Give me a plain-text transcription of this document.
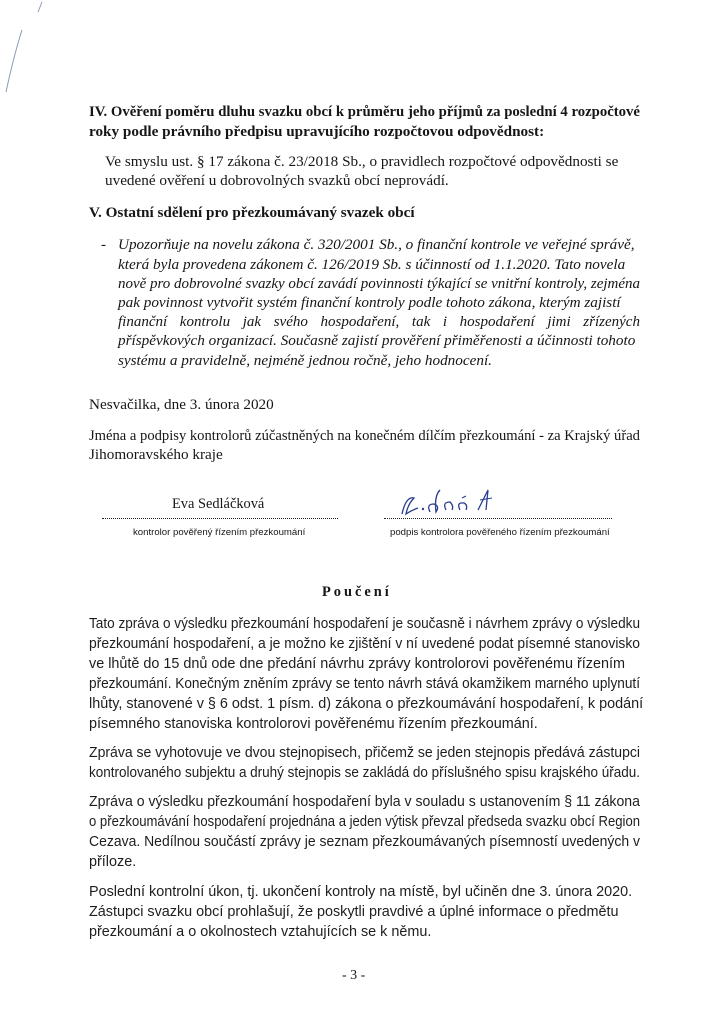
IV. Ověření poměru dluhu svazku obcí k průměru jeho příjmů za poslední 4 rozpočtové
roky podle právního předpisu upravujícího rozpočtovou odpovědnost:
Ve smyslu ust. § 17 zákona č. 23/2018 Sb., o pravidlech rozpočtové odpovědnosti se
uvedené ověření u dobrovolných svazků obcí neprovádí.
V. Ostatní sdělení pro přezkoumávaný svazek obcí
- Upozorňuje na novelu zákona č. 320/2001 Sb., o finanční kontrole ve veřejné správě,
která byla provedena zákonem č. 126/2019 Sb. s účinností od 1.1.2020. Tato novela
nově pro dobrovolné svazky obcí zavádí povinnosti týkající se vnitřní kontroly, zejména
pak povinnost vytvořit systém finanční kontroly podle tohoto zákona, kterým zajistí
finanční kontrolu jak svého hospodaření, tak i hospodaření jimi zřízených
příspěvkových organizací. Současně zajistí prověření přiměřenosti a účinnosti tohoto
systému a pravidelně, nejméně jednou ročně, jeho hodnocení.
Nesvačilka, dne 3. února 2020
Jména a podpisy kontrolorů zúčastněných na konečném dílčím přezkoumání - za Krajský úřad
Jihomoravského kraje
Eva Sedláčková
kontrolor pověřený řízením přezkoumání	podpis kontrolora pověřeného řízením přezkoumání
Poučení
Tato zpráva o výsledku přezkoumání hospodaření je současně i návrhem zprávy o výsledku
přezkoumání hospodaření, a je možno ke zjištění v ní uvedené podat písemné stanovisko
ve lhůtě do 15 dnů ode dne předání návrhu zprávy kontrolorovi pověřenému řízením
přezkoumání. Konečným zněním zprávy se tento návrh stává okamžikem marného uplynutí
lhůty, stanovené v § 6 odst. 1 písm. d) zákona o přezkoumávání hospodaření, k podání
písemného stanoviska kontrolorovi pověřenému řízením přezkoumání.
Zpráva se vyhotovuje ve dvou stejnopisech, přičemž se jeden stejnopis předává zástupci
kontrolovaného subjektu a druhý stejnopis se zakládá do příslušného spisu krajského úřadu.
Zpráva o výsledku přezkoumání hospodaření byla v souladu s ustanovením § 11 zákona
o přezkoumávání hospodaření projednána a jeden výtisk převzal předseda svazku obcí Region
Cezava. Nedílnou součástí zprávy je seznam přezkoumávaných písemností uvedených v
příloze.
Poslední kontrolní úkon, tj. ukončení kontroly na místě, byl učiněn dne 3. února 2020.
Zástupci svazku obcí prohlašují, že poskytli pravdivé a úplné informace o předmětu
přezkoumání a o okolnostech vztahujících se k němu.
- 3 -
